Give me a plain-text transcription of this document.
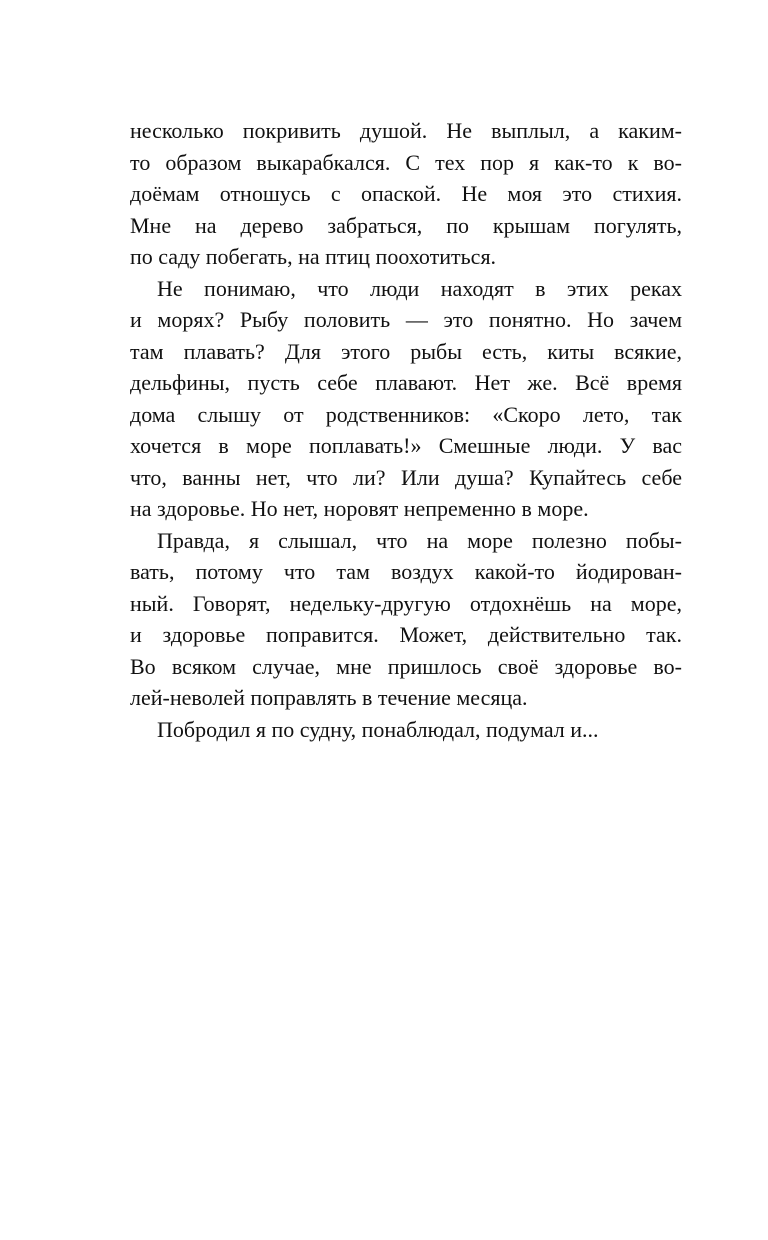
несколько покривить душой. Не выплыл, а каким-
то образом выкарабкался. С тех пор я как-то к во-
доёмам отношусь с опаской. Не моя это стихия.
Мне на дерево забраться, по крышам погулять,
по саду побегать, на птиц поохотиться.
Не понимаю, что люди находят в этих реках
и морях? Рыбу половить — это понятно. Но зачем
там плавать? Для этого рыбы есть, киты всякие,
дельфины, пусть себе плавают. Нет же. Всё время
дома слышу от родственников: «Скоро лето, так
хочется в море поплавать!» Смешные люди. У вас
что, ванны нет, что ли? Или душа? Купайтесь себе
на здоровье. Но нет, норовят непременно в море.
Правда, я слышал, что на море полезно побы-
вать, потому что там воздух какой-то йодирован-
ный. Говорят, недельку-другую отдохнёшь на море,
и здоровье поправится. Может, действительно так.
Во всяком случае, мне пришлось своё здоровье во-
лей-неволей поправлять в течение месяца.
Побродил я по судну, понаблюдал, подумал и...
